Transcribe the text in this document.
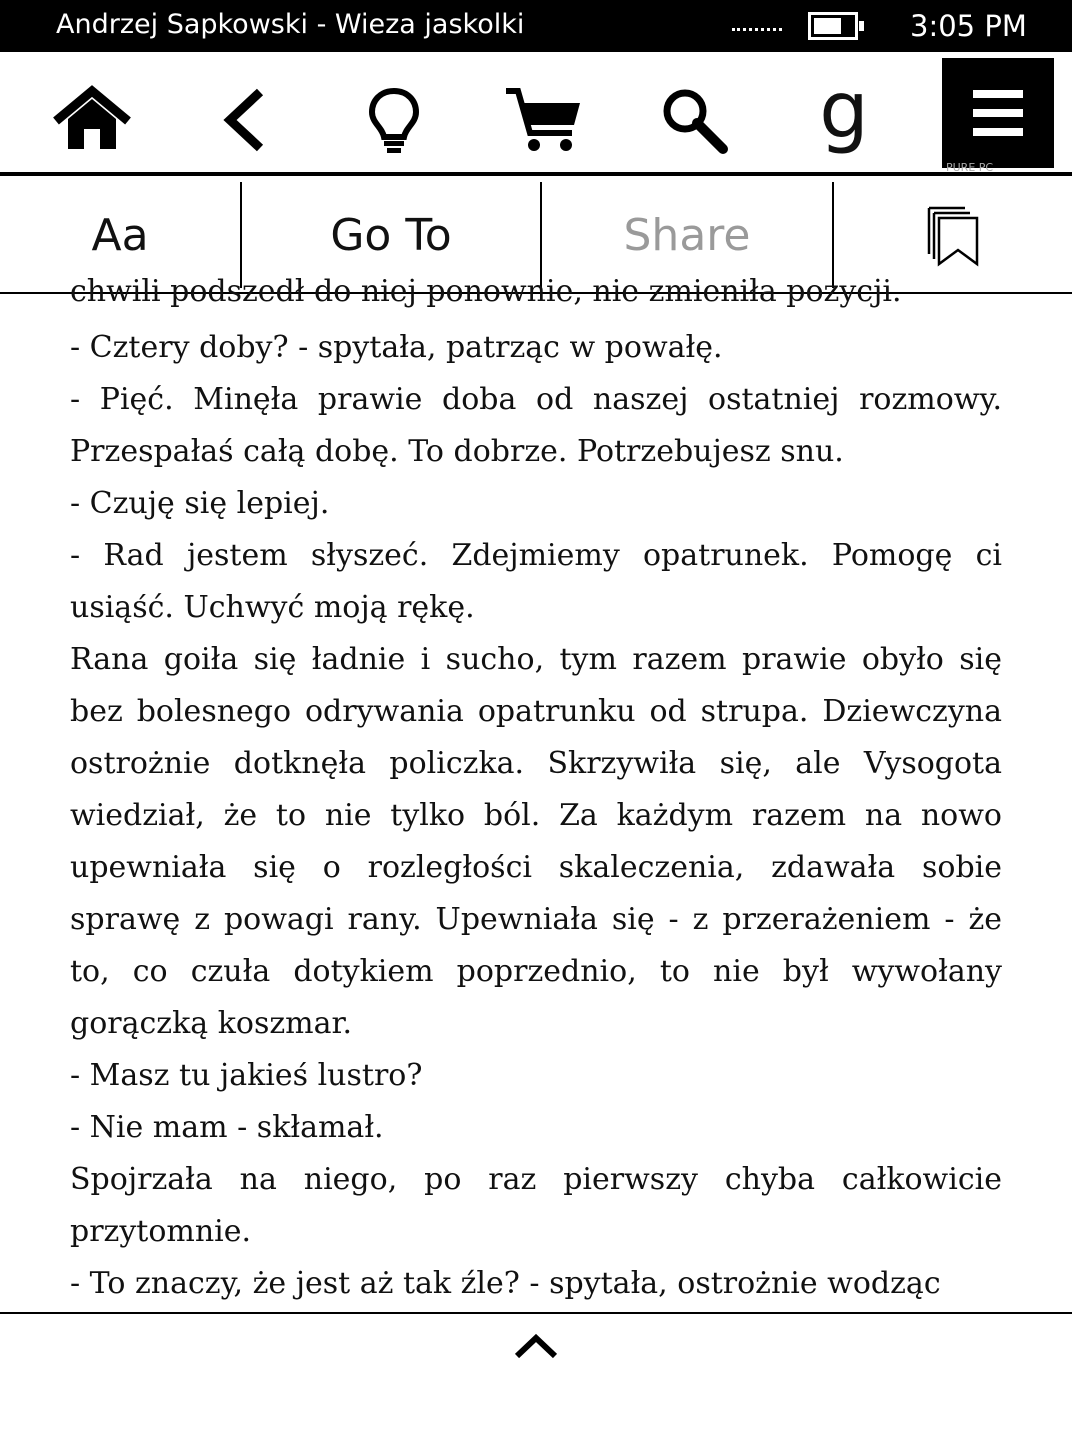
Andrzej Sapkowski - Wieza jaskolki	3:05 PM
g
PURE PC
Aa	Go To	Share
chwili podszedł do niej ponownie, nie zmieniła pozycji.

- Cztery doby? - spytała, patrząc w powałę.

- Pięć. Minęła prawie doba od naszej ostatniej rozmowy. Przespałaś całą dobę. To dobrze. Potrzebujesz snu.

- Czuję się lepiej.

- Rad jestem słyszeć. Zdejmiemy opatrunek. Pomogę ci usiąść. Uchwyć moją rękę.

Rana goiła się ładnie i sucho, tym razem prawie obyło się bez bolesnego odrywania opatrunku od strupa. Dziewczyna ostrożnie dotknęła policzka. Skrzywiła się, ale Vysogota wiedział, że to nie tylko ból. Za każdym razem na nowo upewniała się o rozległości skaleczenia, zdawała sobie sprawę z powagi rany. Upewniała się - z przerażeniem - że to, co czuła dotykiem poprzednio, to nie był wywołany gorączką koszmar.

- Masz tu jakieś lustro?

- Nie mam - skłamał.

Spojrzała na niego, po raz pierwszy chyba całkowicie przytomnie.

- To znaczy, że jest aż tak źle? - spytała, ostrożnie wodząc
